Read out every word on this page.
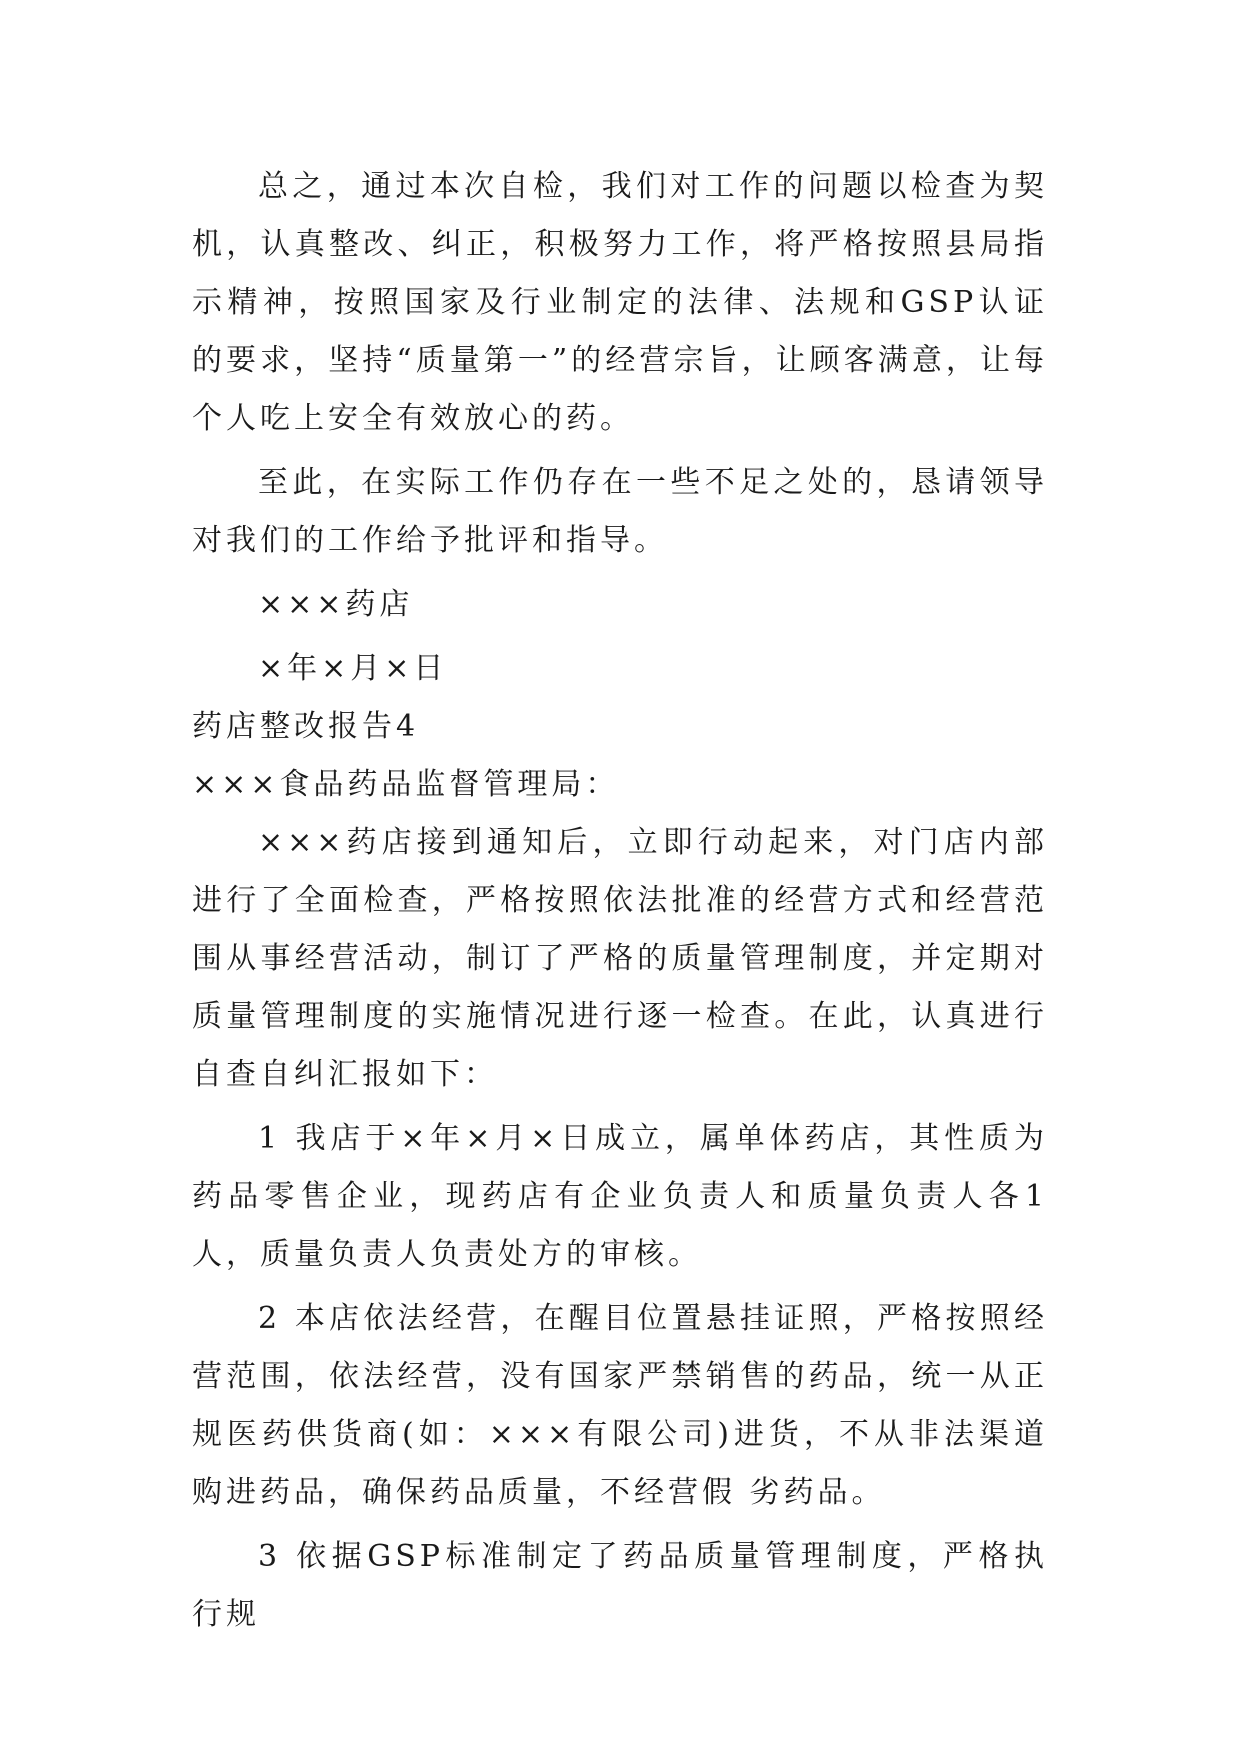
总之，通过本次自检，我们对工作的问题以检查为契机，认真整改、纠正，积极努力工作，将严格按照县局指示精神，按照国家及行业制定的法律、法规和GSP认证的要求，坚持“质量第一”的经营宗旨，让顾客满意，让每个人吃上安全有效放心的药。

至此，在实际工作仍存在一些不足之处的，恳请领导对我们的工作给予批评和指导。

×××药店

×年×月×日

药店整改报告4

×××食品药品监督管理局：

×××药店接到通知后，立即行动起来，对门店内部进行了全面检查，严格按照依法批准的经营方式和经营范围从事经营活动，制订了严格的质量管理制度，并定期对质量管理制度的实施情况进行逐一检查。在此，认真进行自查自纠汇报如下：

1 我店于×年×月×日成立，属单体药店，其性质为药品零售企业，现药店有企业负责人和质量负责人各1人，质量负责人负责处方的审核。

2 本店依法经营，在醒目位置悬挂证照，严格按照经营范围，依法经营，没有国家严禁销售的药品，统一从正规医药供货商(如：×××有限公司)进货，不从非法渠道购进药品，确保药品质量，不经营假 劣药品。

3 依据GSP标准制定了药品质量管理制度，严格执行规
